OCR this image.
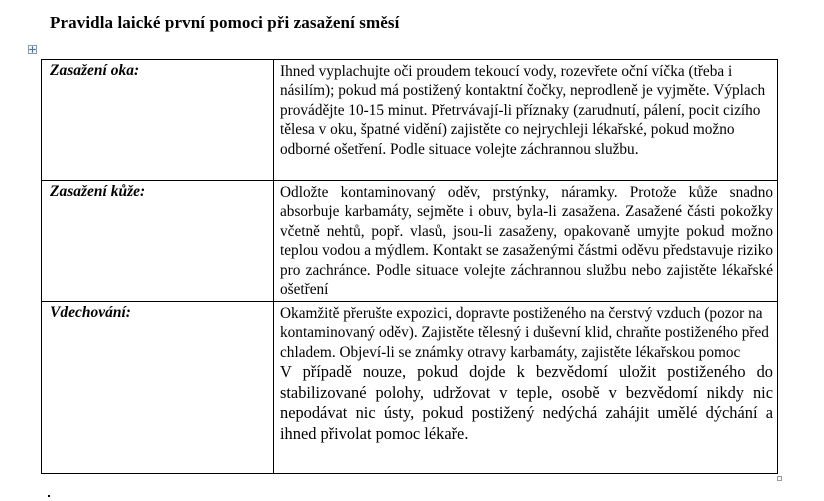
Pravidla laické první pomoci při zasažení směsí
Zasažení oka:	Ihned vyplachujte oči proudem tekoucí vody, rozevřete oční víčka (třeba i násilím); pokud má postižený kontaktní čočky, neprodleně je vyjměte. Výplach provádějte 10-15 minut. Přetrvávají-li příznaky (zarudnutí, pálení, pocit cizího tělesa v oku, špatné vidění) zajistěte co nejrychleji lékařské, pokud možno odborné ošetření. Podle situace volejte záchrannou službu.

Zasažení kůže:	Odložte kontaminovaný oděv, prstýnky, náramky. Protože kůže snadno absorbuje karbamáty, sejměte i obuv, byla-li zasažena. Zasažené části pokožky včetně nehtů, popř. vlasů, jsou-li zasaženy, opakovaně umyjte pokud možno teplou vodou a mýdlem. Kontakt se zasaženými částmi oděvu představuje riziko pro zachránce. Podle situace volejte záchrannou službu nebo zajistěte lékařské ošetření

Vdechování:	Okamžitě přerušte expozici, dopravte postiženého na čerstvý vzduch (pozor na kontaminovaný oděv). Zajistěte tělesný i duševní klid, chraňte postiženého před chladem. Objeví-li se známky otravy karbamáty, zajistěte lékařskou pomoc
V případě nouze, pokud dojde k bezvědomí uložit postiženého do stabilizované polohy, udržovat v teple, osobě v bezvědomí nikdy nic nepodávat nic ústy, pokud postižený nedýchá zahájit umělé dýchání a ihned přivolat pomoc lékaře.
